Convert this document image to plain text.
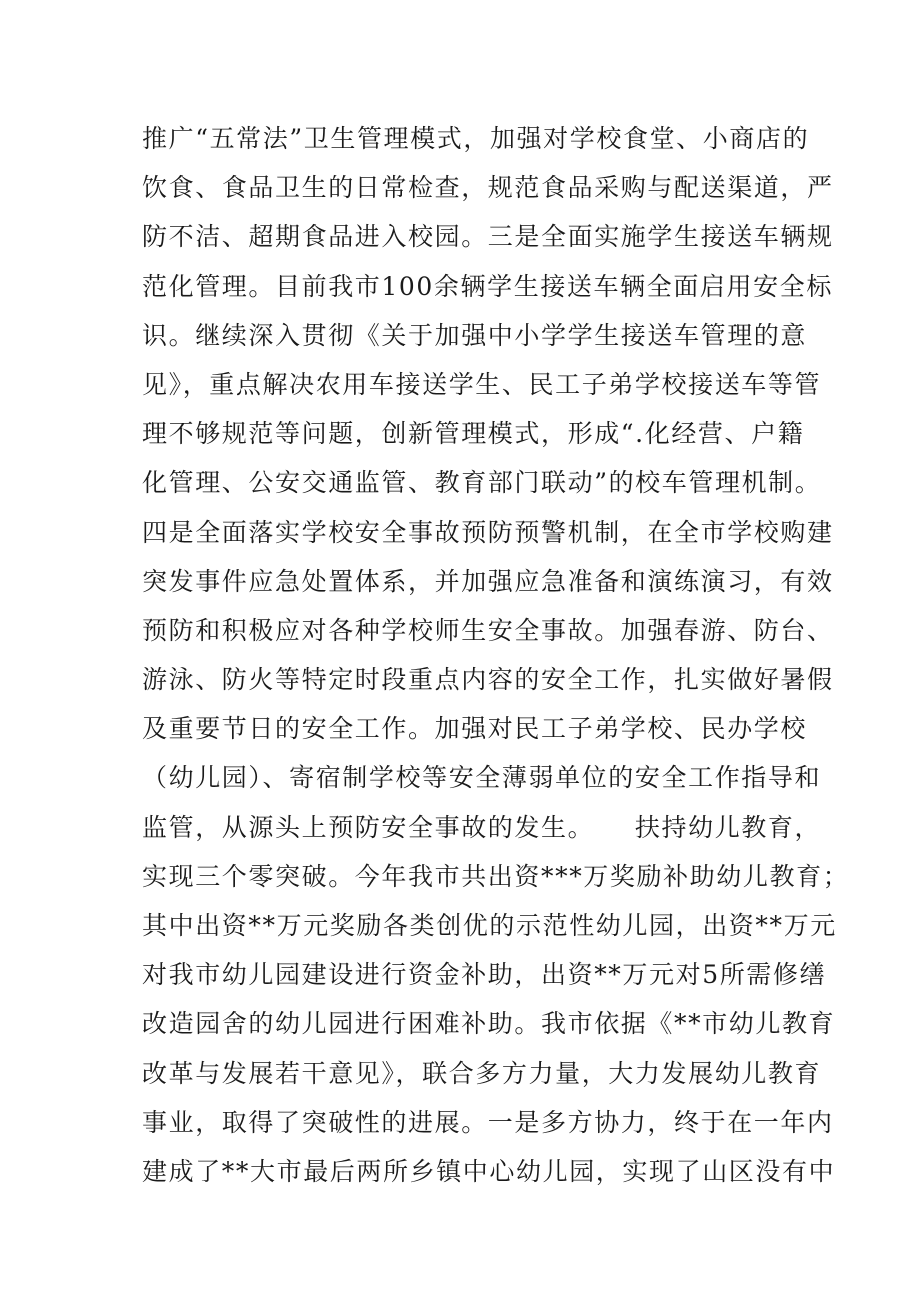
推广“五常法”卫生管理模式，加强对学校食堂、小商店的
饮食、食品卫生的日常检查，规范食品采购与配送渠道，严
防不洁、超期食品进入校园。三是全面实施学生接送车辆规
范化管理。目前我市100余辆学生接送车辆全面启用安全标
识。继续深入贯彻《关于加强中小学学生接送车管理的意
见》，重点解决农用车接送学生、民工子弟学校接送车等管
理不够规范等问题，创新管理模式，形成“.化经营、户籍
化管理、公安交通监管、教育部门联动”的校车管理机制。
四是全面落实学校安全事故预防预警机制，在全市学校购建
突发事件应急处置体系，并加强应急准备和演练演习，有效
预防和积极应对各种学校师生安全事故。加强春游、防台、
游泳、防火等特定时段重点内容的安全工作，扎实做好暑假
及重要节日的安全工作。加强对民工子弟学校、民办学校
（幼儿园）、寄宿制学校等安全薄弱单位的安全工作指导和
监管，从源头上预防安全事故的发生。　　扶持幼儿教育，
实现三个零突破。今年我市共出资***万奖励补助幼儿教育；
其中出资**万元奖励各类创优的示范性幼儿园，出资**万元
对我市幼儿园建设进行资金补助，出资**万元对5所需修缮
改造园舍的幼儿园进行困难补助。我市依据《**市幼儿教育
改革与发展若干意见》，联合多方力量，大力发展幼儿教育
事业，取得了突破性的进展。一是多方协力，终于在一年内
建成了**大市最后两所乡镇中心幼儿园，实现了山区没有中
